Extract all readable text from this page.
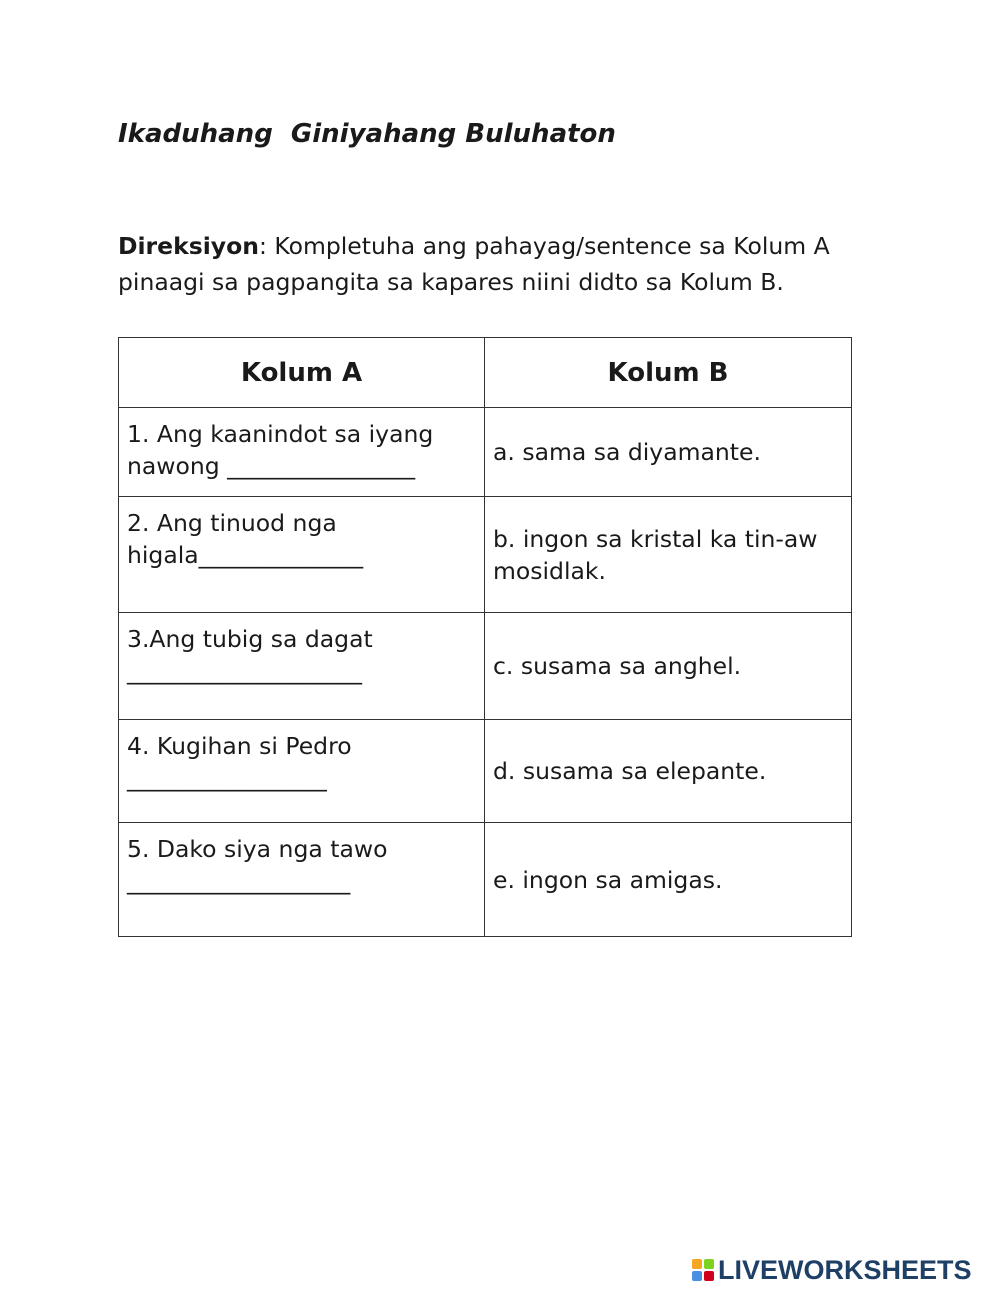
Ikaduhang  Giniyahang Buluhaton

Direksiyon: Kompletuha ang pahayag/sentence sa Kolum A pinaagi sa pagpangita sa kapares niini didto sa Kolum B.

Kolum A	Kolum B

1. Ang kaanindot sa iyang
nawong ________________	a. sama sa diyamante.

2. Ang tinuod nga
higala______________	b. ingon sa kristal ka tin-aw
mosidlak.

3.Ang tubig sa dagat
____________________	c. susama sa anghel.

4. Kugihan si Pedro
_________________	d. susama sa elepante.

5. Dako siya nga tawo
___________________	e. ingon sa amigas.
LIVEWORKSHEETS
